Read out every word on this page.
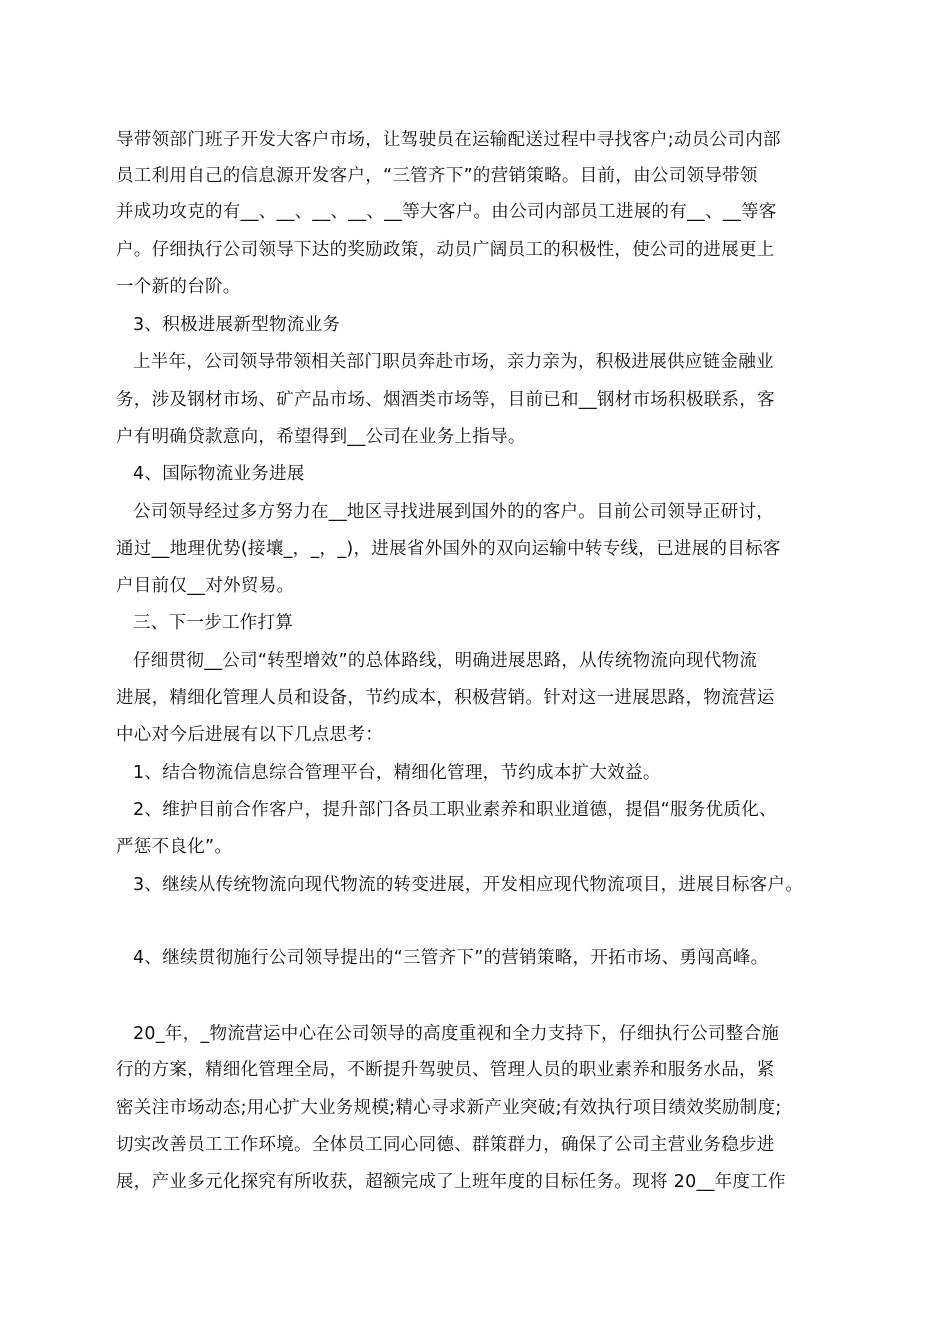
导带领部门班子开发大客户市场，让驾驶员在运输配送过程中寻找客户;动员公司内部
员工利用自己的信息源开发客户，“三管齐下”的营销策略。目前，由公司领导带领
并成功攻克的有__、__、__、__、__等大客户。由公司内部员工进展的有__、__等客
户。仔细执行公司领导下达的奖励政策，动员广阔员工的积极性，使公司的进展更上
一个新的台阶。
3、积极进展新型物流业务
上半年，公司领导带领相关部门职员奔赴市场，亲力亲为，积极进展供应链金融业
务，涉及钢材市场、矿产品市场、烟酒类市场等，目前已和__钢材市场积极联系，客
户有明确贷款意向，希望得到__公司在业务上指导。
4、国际物流业务进展
公司领导经过多方努力在__地区寻找进展到国外的的客户。目前公司领导正研讨，
通过__地理优势(接壤_，_，_)，进展省外国外的双向运输中转专线，已进展的目标客
户目前仅__对外贸易。
三、下一步工作打算
仔细贯彻__公司“转型增效”的总体路线，明确进展思路，从传统物流向现代物流
进展，精细化管理人员和设备，节约成本，积极营销。针对这一进展思路，物流营运
中心对今后进展有以下几点思考：
1、结合物流信息综合管理平台，精细化管理，节约成本扩大效益。
2、维护目前合作客户，提升部门各员工职业素养和职业道德，提倡“服务优质化、
严惩不良化”。
3、继续从传统物流向现代物流的转变进展，开发相应现代物流项目，进展目标客户。
4、继续贯彻施行公司领导提出的“三管齐下”的营销策略，开拓市场、勇闯高峰。
20_年，_物流营运中心在公司领导的高度重视和全力支持下，仔细执行公司整合施
行的方案，精细化管理全局，不断提升驾驶员、管理人员的职业素养和服务水品，紧
密关注市场动态;用心扩大业务规模;精心寻求新产业突破;有效执行项目绩效奖励制度;
切实改善员工工作环境。全体员工同心同德、群策群力，确保了公司主营业务稳步进
展，产业多元化探究有所收获，超额完成了上班年度的目标任务。现将 20__年度工作
